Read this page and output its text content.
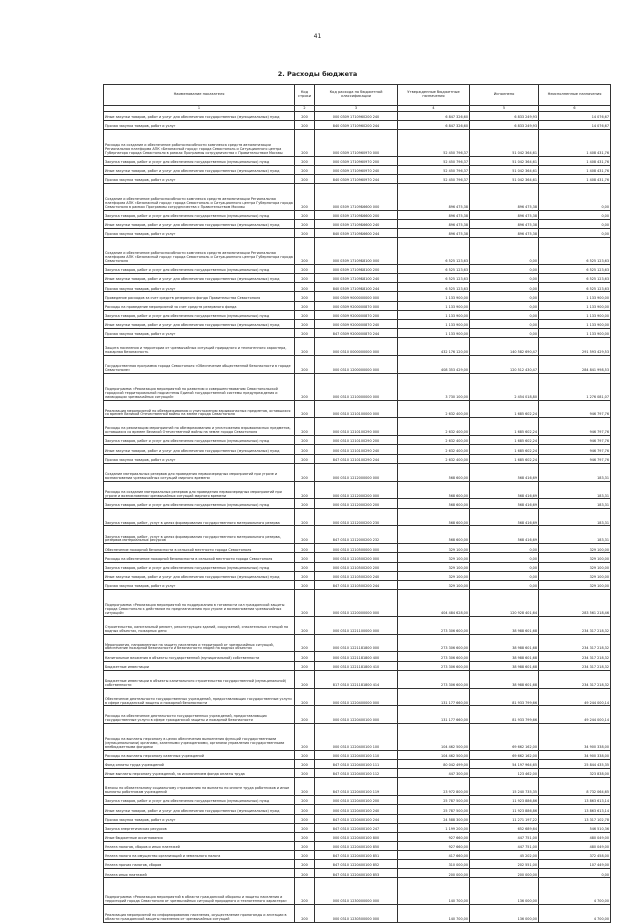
41
2. Расходы бюджета
Наименование показателя	Код строки	Код расхода по бюджетной классификации	Утвержденные бюджетные назначения	Исполнено	Неисполненные назначения
1	2	3	4	5	6
Иные закупки товаров, работ и услуг для обеспечения государственных (муниципальных) нужд	200	000 0309 1710960200 240	6 847 326,60	6 833 249,93	14 076,67
Прочая закупка товаров, работ и услуг	200	840 0309 1710960200 244	6 847 326,60	6 833 249,93	14 076,67
Расходы на создание и обеспечение работоспособности комплекса средств автоматизации Региональная платформа АПК «Безопасный город» города Севастополь и Ситуационного центра Губернатора города Севастополя в рамках Программы сотрудничества с Правительством Москвы	200	000 0309 1710960970 000	52 450 796,37	51 042 364,61	1 408 431,76
Закупка товаров, работ и услуг для обеспечения государственных (муниципальных) нужд	200	000 0309 1710960970 200	52 450 796,37	51 042 364,61	1 408 431,76
Иные закупки товаров, работ и услуг для обеспечения государственных (муниципальных) нужд	200	000 0309 1710960970 240	52 450 796,37	51 042 364,61	1 408 431,76
Прочая закупка товаров, работ и услуг	200	840 0309 1710960970 244	52 450 796,37	51 042 364,61	1 408 431,76
Создание и обеспечение работоспособности комплекса средств автоматизации Региональная платформа АПК «Безопасный город» города Севастополь и Ситуационного центра Губернатора города Севастополя в рамках Программы сотрудничества с Правительством Москвы	200	000 0309 17109Б6600 000	896 475,38	896 475,38	0,00
Закупка товаров, работ и услуг для обеспечения государственных (муниципальных) нужд	200	000 0309 17109Б6600 200	896 475,38	896 475,38	0,00
Иные закупки товаров, работ и услуг для обеспечения государственных (муниципальных) нужд	200	000 0309 17109Б6600 240	896 475,38	896 475,38	0,00
Прочая закупка товаров, работ и услуг	200	840 0309 17109Б6600 244	896 475,38	896 475,38	0,00
Создание и обеспечение работоспособности комплекса средств автоматизации Региональная платформа АПК «Безопасный город» города Севастополь и Ситуационного центра Губернатора города Севастополя	200	000 0309 17109Б8100 000	6 525 123,63	0,00	6 525 123,63
Закупка товаров, работ и услуг для обеспечения государственных (муниципальных) нужд	200	000 0309 17109Б8100 200	6 525 123,63	0,00	6 525 123,63
Иные закупки товаров, работ и услуг для обеспечения государственных (муниципальных) нужд	200	000 0309 17109Б8100 240	6 525 123,63	0,00	6 525 123,63
Прочая закупка товаров, работ и услуг	200	840 0309 17109Б8100 244	6 525 123,63	0,00	6 525 123,63
Проведение расходов за счет средств резервного фонда Правительства Севастополя	200	000 0309 9000000000 000	1 133 900,00	0,00	1 133 900,00
Расходы на проведение мероприятий за счет средств резервного фонда	200	000 0309 9200000870 000	1 133 900,00	0,00	1 133 900,00
Закупка товаров, работ и услуг для обеспечения государственных (муниципальных) нужд	200	000 0309 9200000870 200	1 133 900,00	0,00	1 133 900,00
Иные закупки товаров, работ и услуг для обеспечения государственных (муниципальных) нужд	200	000 0309 9200000870 240	1 133 900,00	0,00	1 133 900,00
Прочая закупка товаров, работ и услуг	200	847 0309 9200000870 244	1 133 900,00	0,00	1 133 900,00
Защита населения и территории от чрезвычайных ситуаций природного и техногенного характера, пожарная безопасность	200	000 0310 0000000000 000	432 176 120,00	140 582 690,47	291 593 429,53
Государственная программа города Севастополя «Обеспечение общественной безопасности в городе Севастополе»	200	000 0310 1200000000 000	408 353 429,00	120 512 430,47	284 841 998,53
Подпрограмма «Реализация мероприятий по развитию и совершенствованию Севастопольской городской территориальной подсистемы Единой государственной системы предупреждения и ликвидации чрезвычайных ситуаций»	200	000 0310 1210000000 000	3 730 100,00	2 454 018,80	1 276 081,07
Реализация мероприятий по обезвреживанию и уничтожению взрывоопасных предметов, оставшихся со времен Великой Отечественной войны на земле города Севастополя	200	000 0310 1210100000 000	2 632 400,00	1 685 602,24	946 797,76
Расходы на реализацию мероприятий по обезвреживанию и уничтожению взрывоопасных предметов, оставшихся со времен Великой Отечественной войны на земле города Севастополя	200	000 0310 1210100290 000	2 632 400,00	1 685 602,24	946 797,76
Закупка товаров, работ и услуг для обеспечения государственных (муниципальных) нужд	200	000 0310 1210100290 200	2 632 400,00	1 685 602,24	946 797,76
Иные закупки товаров, работ и услуг для обеспечения государственных (муниципальных) нужд	200	000 0310 1210100290 240	2 632 400,00	1 685 602,24	946 797,76
Прочая закупка товаров, работ и услуг	200	847 0310 1210100290 244	2 632 400,00	1 685 602,24	946 797,76
Создание материальных резервов для проведения первоочередных мероприятий при угрозе и возникновении чрезвычайных ситуаций мирного времени	200	000 0310 1212000000 000	568 600,00	568 416,69	183,31
Расходы на создание материальных резервов для проведения первоочередных мероприятий при угрозе и возникновении чрезвычайных ситуаций мирного времени	200	000 0310 1212000200 000	568 600,00	568 416,69	183,31
Закупка товаров, работ и услуг для обеспечения государственных (муниципальных) нужд	200	000 0310 1212000200 200	568 600,00	568 416,69	183,31
Закупка товаров, работ, услуг в целях формирования государственного материального резерва	200	000 0310 1212000200 230	568 600,00	568 416,69	183,31
Закупка товаров, работ, услуг в целях формирования государственного материального резерва, резервов материальных ресурсов	200	847 0310 1212000200 232	568 600,00	568 416,69	183,31
Обеспечение пожарной безопасности в сельской местности города Севастополя	200	000 0310 1210500000 000	329 100,00	0,00	329 100,00
Расходы на обеспечение пожарной безопасности в сельской местности города Севастополя	200	000 0310 1210500200 000	329 100,00	0,00	329 100,00
Закупка товаров, работ и услуг для обеспечения государственных (муниципальных) нужд	200	000 0310 1210500200 200	329 100,00	0,00	329 100,00
Иные закупки товаров, работ и услуг для обеспечения государственных (муниципальных) нужд	200	000 0310 1210500200 240	329 100,00	0,00	329 100,00
Прочая закупка товаров, работ и услуг	200	847 0310 1210500200 244	329 100,00	0,00	329 100,00
Подпрограмма «Реализация мероприятий по поддержанию в готовности сил гражданской защиты города Севастополя к действиям по предназначению при угрозе и возникновении чрезвычайных ситуаций»	200	000 0310 1220000000 000	404 484 628,00	120 928 401,64	283 561 218,46
Строительство, капитальный ремонт, реконструкция зданий, сооружений, спасательных станций на водных объектах, пожарных депо	200	000 0310 1221100000 000	273 306 600,00	38 988 601,68	234 317 218,32
Мероприятия, направленные на защиту населения и территорий от чрезвычайных ситуаций, обеспечение пожарной безопасности и безопасности людей на водных объектах	200	000 0310 1221181800 000	273 306 600,00	38 988 601,68	234 317 218,32
Капитальные вложения в объекты государственной (муниципальной) собственности	200	000 0310 1221181800 400	273 306 600,00	38 988 601,68	234 317 218,32
Бюджетные инвестиции	200	000 0310 1221181800 410	273 306 600,00	38 988 601,68	234 317 218,32
Бюджетные инвестиции в объекты капитального строительства государственной (муниципальной) собственности	200	817 0310 1221181800 414	273 306 600,00	38 988 601,68	234 317 218,32
Обеспечение деятельности государственных учреждений, предоставляющих государственные услуги в сфере гражданской защиты и пожарной безопасности	200	000 0310 1220400000 000	131 177 660,00	81 933 799,66	49 244 000,14
Расходы на обеспечение деятельности государственных учреждений, предоставляющих государственные услуги в сфере гражданской защиты и пожарной безопасности	200	000 0310 1220400100 000	131 177 660,00	81 933 799,66	49 244 000,14
Расходы на выплаты персоналу в целях обеспечения выполнения функций государственными (муниципальными) органами, казенными учреждениями, органами управления государственными внебюджетными фондами	200	000 0310 1220400100 100	104 462 500,00	69 662 162,00	34 900 338,00
Расходы на выплаты персоналу казенных учреждений	200	000 0310 1220400100 110	104 462 500,00	69 662 162,00	34 900 338,00
Фонд оплаты труда учреждений	200	847 0310 1220400100 111	80 042 499,00	54 197 964,65	25 844 435,35
Иные выплаты персоналу учреждений, за исключением фонда оплаты труда	200	847 0310 1220400100 112	447 300,00	123 462,00	323 838,00
Взносы по обязательному социальному страхованию на выплаты по оплате труда работников и иные выплаты работникам учреждений	200	847 0310 1220400100 119	23 972 800,00	15 240 735,35	8 732 064,65
Закупка товаров, работ и услуг для обеспечения государственных (муниципальных) нужд	200	000 0310 1220400100 200	25 787 500,00	11 923 886,86	13 863 613,14
Иные закупки товаров, работ и услуг для обеспечения государственных (муниципальных) нужд	200	000 0310 1220400100 240	25 787 500,00	11 923 886,86	13 863 613,14
Прочая закупка товаров, работ и услуг	200	847 0310 1220400100 244	24 588 300,00	11 271 197,22	13 317 102,78
Закупка энергетических ресурсов	200	847 0310 1220400100 247	1 199 200,00	652 689,64	546 510,36
Иные бюджетные ассигнования	200	000 0310 1220400100 800	927 660,00	447 751,00	480 049,00
Уплата налогов, сборов и иных платежей	200	000 0310 1220400100 850	927 660,00	447 751,00	480 049,00
Уплата налога на имущество организаций и земельного налога	200	847 0310 1220400100 851	417 660,00	45 202,00	372 458,00
Уплата прочих налогов, сборов	200	847 0310 1220400100 852	310 000,00	202 551,00	107 449,00
Уплата иных платежей	200	847 0310 1220400100 853	200 000,00	200 000,00	0,00
Подпрограмма «Реализация мероприятий в области гражданской обороны и защиты населения и территорий города Севастополя от чрезвычайных ситуаций природного и техногенного характера»	200	000 0310 1230000000 000	140 700,00	136 000,00	4 700,00
Реализация мероприятий по информированию населения, осуществление пропаганды и агитации в области гражданской защиты населения от чрезвычайных ситуаций	200	000 0310 1230500000 000	140 700,00	136 000,00	4 700,00
